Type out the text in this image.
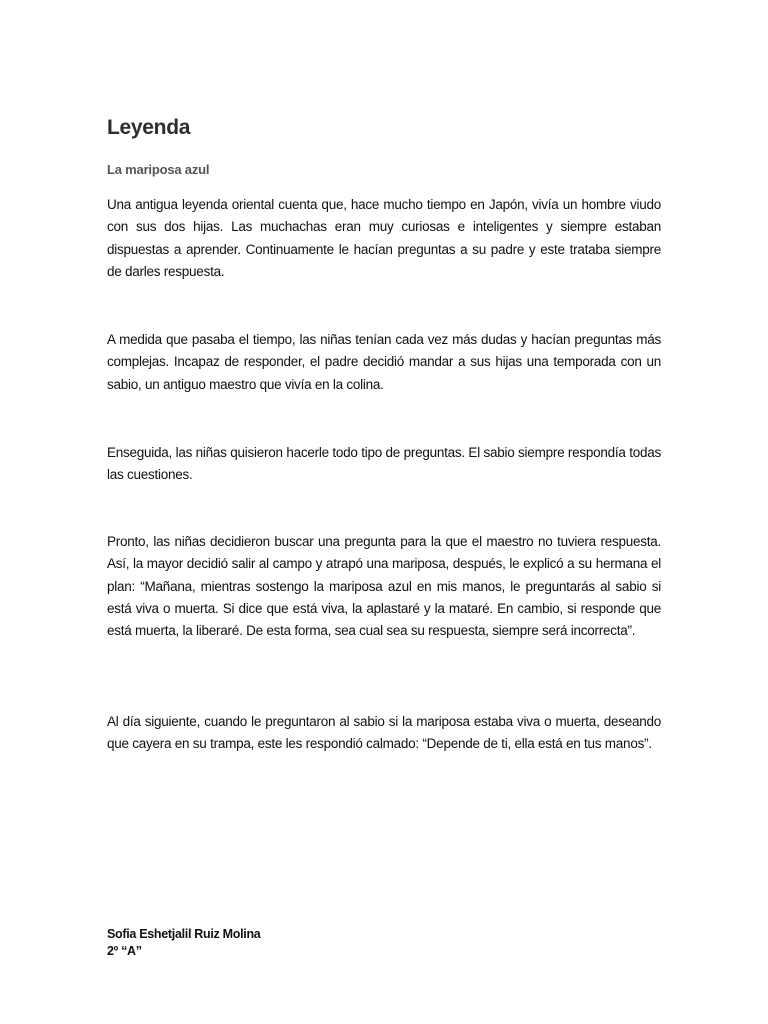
Leyenda
La mariposa azul

Una antigua leyenda oriental cuenta que, hace mucho tiempo en Japón, vivía un hombre viudo con sus dos hijas. Las muchachas eran muy curiosas e inteligentes y siempre estaban dispuestas a aprender. Continuamente le hacían preguntas a su padre y este trataba siempre de darles respuesta.

A medida que pasaba el tiempo, las niñas tenían cada vez más dudas y hacían preguntas más complejas. Incapaz de responder, el padre decidió mandar a sus hijas una temporada con un sabio, un antiguo maestro que vivía en la colina.

Enseguida, las niñas quisieron hacerle todo tipo de preguntas. El sabio siempre respondía todas las cuestiones.

Pronto, las niñas decidieron buscar una pregunta para la que el maestro no tuviera respuesta. Así, la mayor decidió salir al campo y atrapó una mariposa, después, le explicó a su hermana el plan: “Mañana, mientras sostengo la mariposa azul en mis manos, le preguntarás al sabio si está viva o muerta. Si dice que está viva, la aplastaré y la mataré. En cambio, si responde que está muerta, la liberaré. De esta forma, sea cual sea su respuesta, siempre será incorrecta”.

Al día siguiente, cuando le preguntaron al sabio si la mariposa estaba viva o muerta, deseando que cayera en su trampa, este les respondió calmado: “Depende de ti, ella está en tus manos”.

Sofia Eshetjalil Ruiz Molina

2º “A”
